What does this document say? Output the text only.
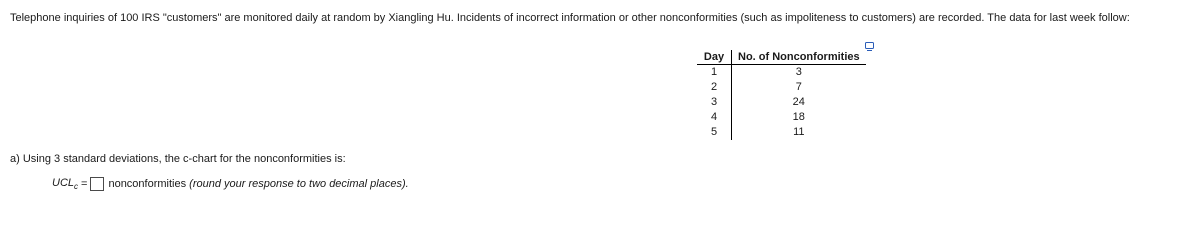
Telephone inquiries of 100 IRS "customers" are monitored daily at random by Xiangling Hu. Incidents of incorrect information or other nonconformities (such as impoliteness to customers) are recorded. The data for last week follow:
Day	No. of Nonconformities
1	3
2	7
3	24
4	18
5	11
a) Using 3 standard deviations, the c-chart for the nonconformities is:
$UCL_c$ = nonconformities
(round your response to two decimal places).
